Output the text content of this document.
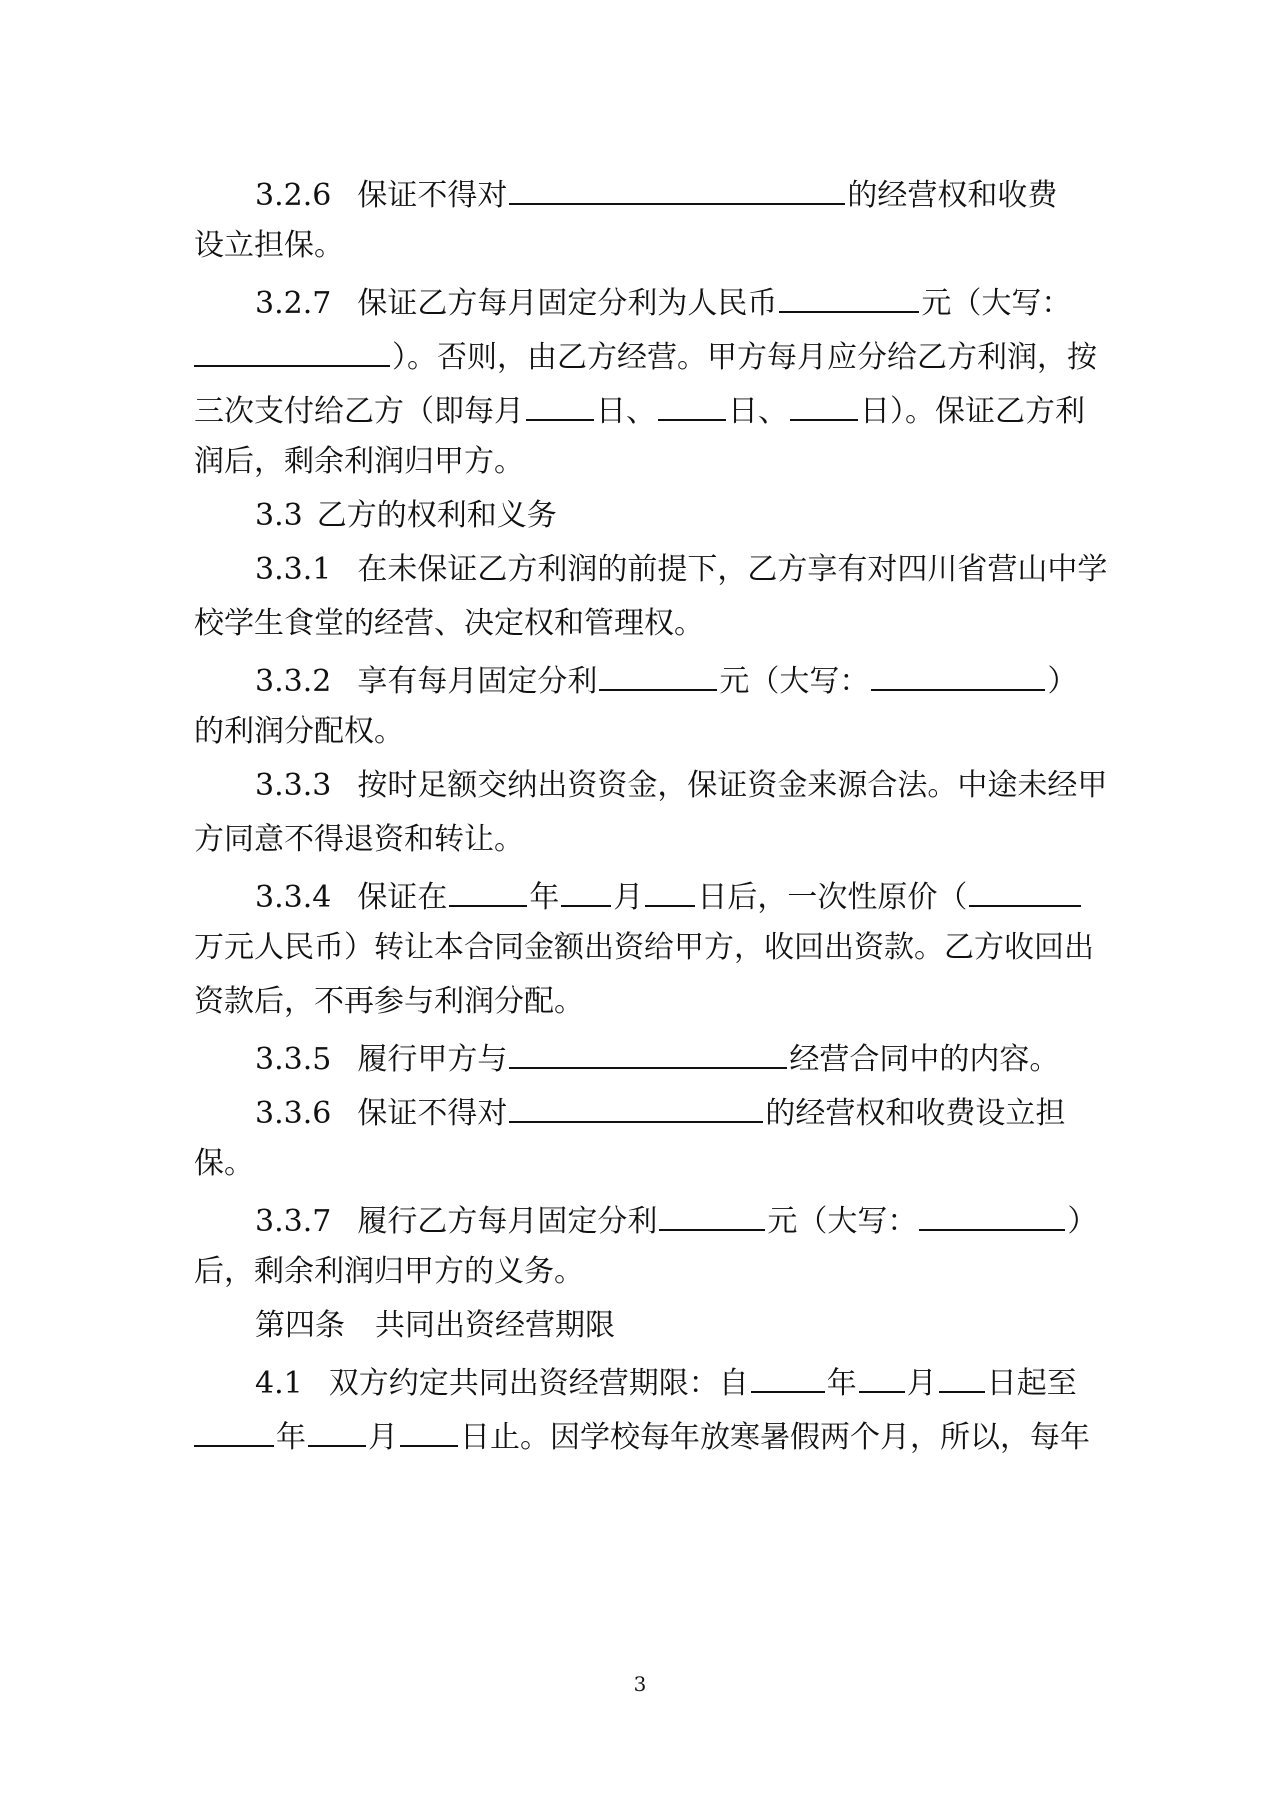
3.2.6 保证不得对	的经营权和收费
设立担保。
3.2.7 保证乙方每月固定分利为人民币	元（大写：
）。否则，由乙方经营。甲方每月应分给乙方利润，按
三次支付给乙方（即每月 日、 日、 日）。保证乙方利
润后，剩余利润归甲方。
3.3 乙方的权利和义务
3.3.1 在未保证乙方利润的前提下，乙方享有对四川省营山中学
校学生食堂的经营、决定权和管理权。
3.3.2 享有每月固定分利	元（大写：	）
的利润分配权。
3.3.3 按时足额交纳出资资金，保证资金来源合法。中途未经甲
方同意不得退资和转让。
3.3.4 保证在	年 月 日后，一次性原价（
万元人民币）转让本合同金额出资给甲方，收回出资款。乙方收回出
资款后，不再参与利润分配。
3.3.5 履行甲方与	经营合同中的内容。
3.3.6 保证不得对	的经营权和收费设立担
保。
3.3.7 履行乙方每月固定分利	元（大写：	）
后，剩余利润归甲方的义务。
第四条 共同出资经营期限
4.1 双方约定共同出资经营期限：自	年 月 日起至
年 月 日止。因学校每年放寒暑假两个月，所以，每年
3
